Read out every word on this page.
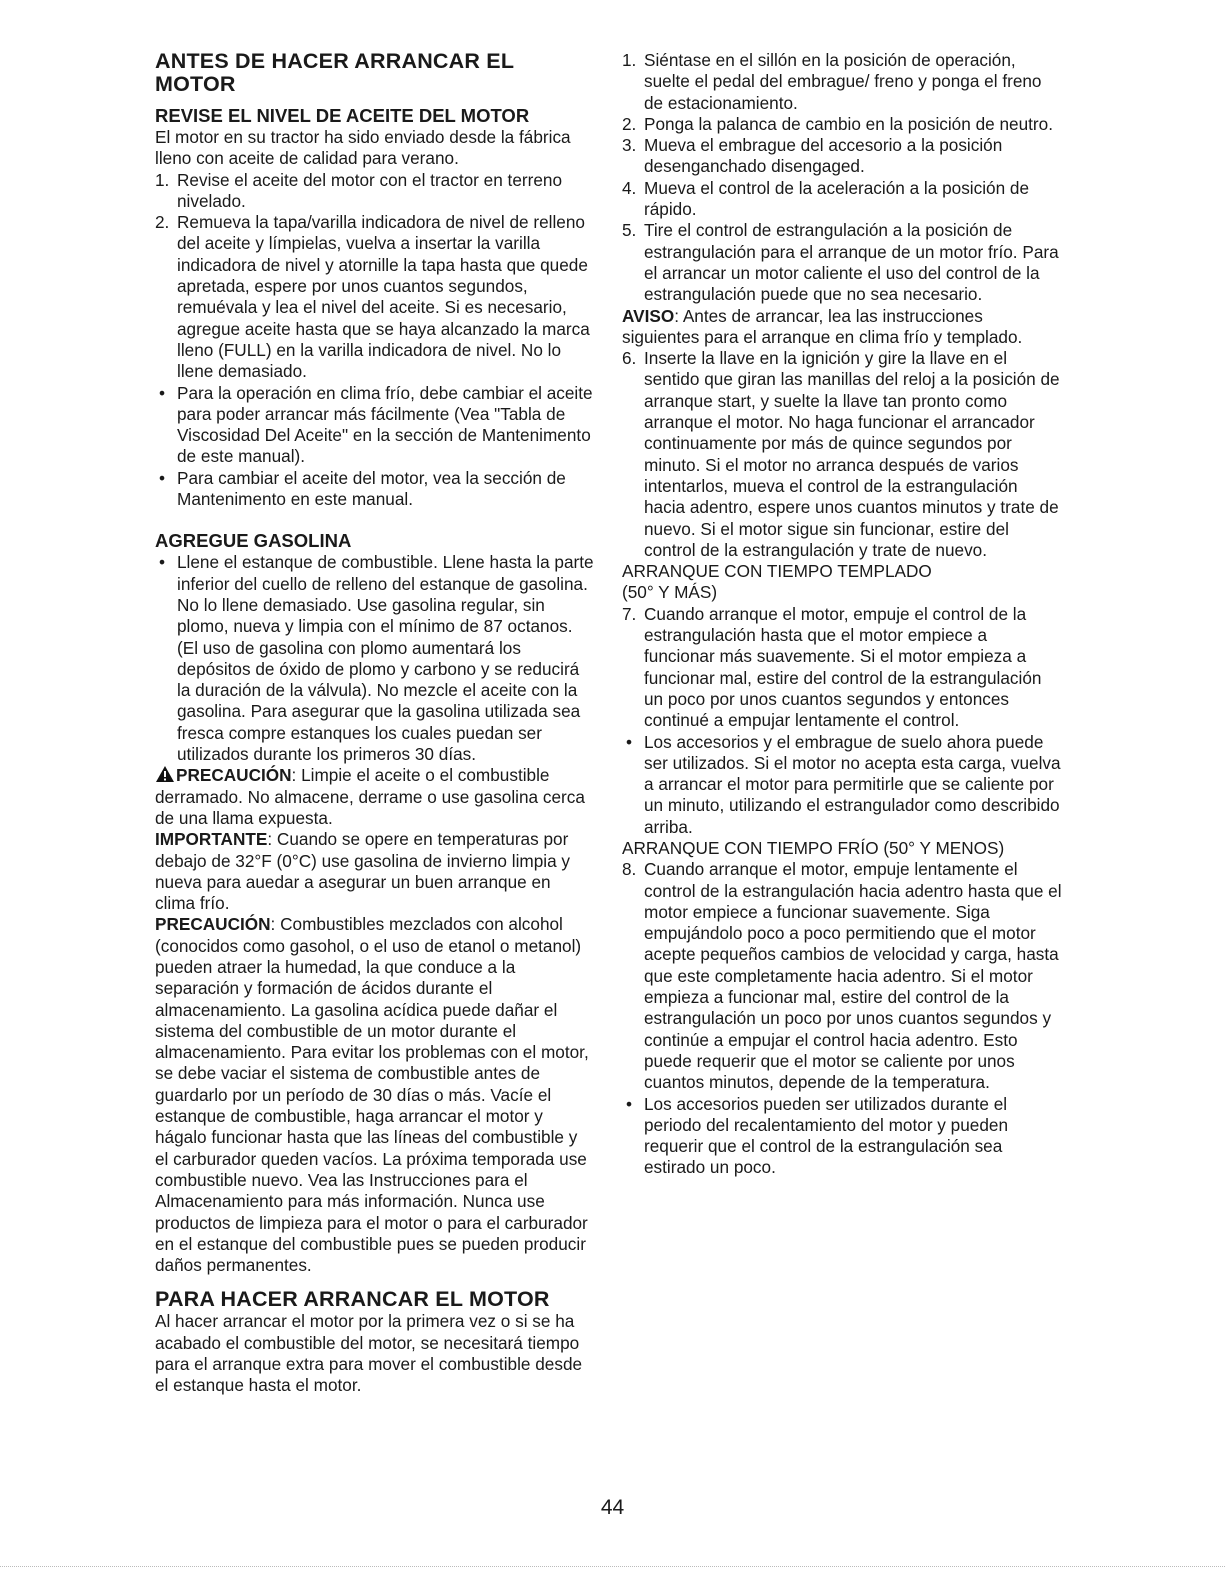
ANTES DE HACER ARRANCAR EL MOTOR
REVISE EL NIVEL DE ACEITE DEL MOTOR

El motor en su tractor ha sido enviado desde la fábrica lleno con aceite de calidad para verano.

1. Revise el aceite del motor con el tractor en terreno nivelado.
2. Remueva la tapa/varilla indicadora de nivel de relleno del aceite y límpielas, vuelva a insertar la varilla indicadora de nivel y atornille la tapa hasta que quede apretada, espere por unos cuantos segundos, remuévala y lea el nivel del aceite. Si es necesario, agregue aceite hasta que se haya alcanzado la marca lleno (FULL) en la varilla indicadora de nivel. No lo llene demasiado.
• Para la operación en clima frío, debe cambiar el aceite para poder arrancar más fácilmente (Vea "Tabla de Viscosidad Del Aceite" en la sección de Mantenimento de este manual).
• Para cambiar el aceite del motor, vea la sección de Mantenimento en este manual.
AGREGUE GASOLINA
• Llene el estanque de combustible. Llene hasta la parte inferior del cuello de relleno del estanque de gasolina. No lo llene demasiado. Use gasolina regular, sin plomo, nueva y limpia con el mínimo de 87 octanos. (El uso de gasolina con plomo aumentará los depósitos de óxido de plomo y carbono y se reducirá la duración de la válvula). No mezcle el aceite con la gasolina. Para asegurar que la gasolina utilizada sea fresca compre estanques los cuales puedan ser utilizados durante los primeros 30 días.

PRECAUCIÓN: Limpie el aceite o el combustible derramado. No almacene, derrame o use gasolina cerca de una llama expuesta.

IMPORTANTE: Cuando se opere en temperaturas por debajo de 32°F (0°C) use gasolina de invierno limpia y nueva para auedar a asegurar un buen arranque en clima frío.

PRECAUCIÓN: Combustibles mezclados con alcohol (conocidos como gasohol, o el uso de etanol o metanol) pueden atraer la humedad, la que conduce a la separación y formación de ácidos durante el almacenamiento. La gasolina acídica puede dañar el sistema del combustible de un motor durante el almacenamiento. Para evitar los problemas con el motor, se debe vaciar el sistema de combustible antes de guardarlo por un período de 30 días o más. Vacíe el estanque de combustible, haga arrancar el motor y hágalo funcionar hasta que las líneas del combustible y el carburador queden vacíos. La próxima temporada use combustible nuevo. Vea las Instrucciones para el Almacenamiento para más información. Nunca use productos de limpieza para el motor o para el carburador en el estanque del combustible pues se pueden producir daños permanentes.

PARA HACER ARRANCAR EL MOTOR

Al hacer arrancar el motor por la primera vez o si se ha acabado el combustible del motor, se necesitará tiempo para el arranque extra para mover el combustible desde el estanque hasta el motor.

1. Siéntase en el sillón en la posición de operación, suelte el pedal del embrague/ freno y ponga el freno de estacionamiento.
2. Ponga la palanca de cambio en la posición de neutro.
3. Mueva el embrague del accesorio a la posición desenganchado disengaged.
4. Mueva el control de la aceleración a la posición de rápido.
5. Tire el control de estrangulación a la posición de estrangulación para el arranque de un motor frío. Para el arrancar un motor caliente el uso del control de la estrangulación puede que no sea necesario.

AVISO: Antes de arrancar, lea las instrucciones siguientes para el arranque en clima frío y templado.

6. Inserte la llave en la ignición y gire la llave en el sentido que giran las manillas del reloj a la posición de arranque start, y suelte la llave tan pronto como arranque el motor. No haga funcionar el arrancador continuamente por más de quince segundos por minuto. Si el motor no arranca después de varios intentarlos, mueva el control de la estrangulación hacia adentro, espere unos cuantos minutos y trate de nuevo. Si el motor sigue sin funcionar, estire del control de la estrangulación y trate de nuevo.

ARRANQUE CON TIEMPO TEMPLADO

(50° Y MÁS)

7. Cuando arranque el motor, empuje el control de la estrangulación hasta que el motor empiece a funcionar más suavemente. Si el motor empieza a funcionar mal, estire del control de la estrangulación un poco por unos cuantos segundos y entonces continué a empujar lentamente el control.
• Los accesorios y el embrague de suelo ahora puede ser utilizados. Si el motor no acepta esta carga, vuelva a arrancar el motor para permitirle que se caliente por un minuto, utilizando el estrangulador como describido arriba.

ARRANQUE CON TIEMPO FRÍO (50° Y MENOS)

8. Cuando arranque el motor, empuje lentamente el control de la estrangulación hacia adentro hasta que el motor empiece a funcionar suavemente. Siga empujándolo poco a poco permitiendo que el motor acepte pequeños cambios de velocidad y carga, hasta que este completamente hacia adentro. Si el motor empieza a funcionar mal, estire del control de la estrangulación un poco por unos cuantos segundos y continúe a empujar el control hacia adentro. Esto puede requerir que el motor se caliente por unos cuantos minutos, depende de la temperatura.
• Los accesorios pueden ser utilizados durante el periodo del recalentamiento del motor y pueden requerir que el control de la estrangulación sea estirado un poco.
44
